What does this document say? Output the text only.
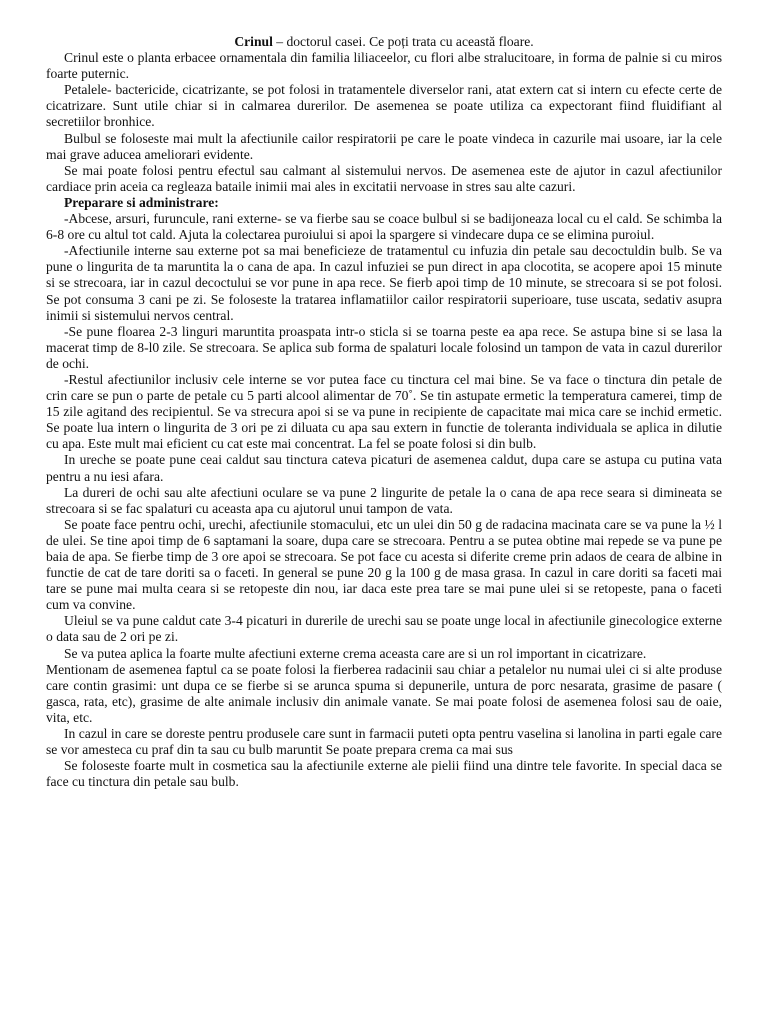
Crinul – doctorul casei. Ce poți trata cu această floare.

Crinul este o planta erbacee ornamentala din familia liliaceelor, cu flori albe stralucitoare, in forma de palnie si cu miros foarte puternic.

Petalele- bactericide, cicatrizante, se pot folosi in tratamentele diverselor rani, atat extern cat si intern cu efecte certe de cicatrizare. Sunt utile chiar si in calmarea durerilor. De asemenea se poate utiliza ca expectorant fiind fluidifiant al secretiilor bronhice.

Bulbul se foloseste mai mult la afectiunile cailor respiratorii pe care le poate vindeca in cazurile mai usoare, iar la cele mai grave aducea ameliorari evidente.

Se mai poate folosi pentru efectul sau calmant al sistemului nervos. De asemenea este de ajutor in cazul afectiunilor cardiace prin aceia ca regleaza bataile inimii mai ales in excitatii nervoase in stres sau alte cazuri.

Preparare si administrare:

-Abcese, arsuri, furuncule, rani externe- se va fierbe sau se coace bulbul si se badijoneaza local cu el cald. Se schimba la 6-8 ore cu altul tot cald. Ajuta la colectarea puroiului si apoi la spargere si vindecare dupa ce se elimina puroiul.

-Afectiunile interne sau externe pot sa mai beneficieze de tratamentul cu infuzia din petale sau decoctuldin bulb. Se va pune o lingurita de ta maruntita la o cana de apa. In cazul infuziei se pun direct in apa clocotita, se acopere apoi 15 minute si se strecoara, iar in cazul decoctului se vor pune in apa rece. Se fierb apoi timp de 10 minute, se strecoara si se pot folosi. Se pot consuma 3 cani pe zi. Se foloseste la tratarea inflamatiilor cailor respiratorii superioare, tuse uscata, sedativ asupra inimii si sistemului nervos central.

-Se pune floarea 2-3 linguri maruntita proaspata intr-o sticla si se toarna peste ea apa rece. Se astupa bine si se lasa la macerat timp de 8-l0 zile. Se strecoara. Se aplica sub forma de spalaturi locale folosind un tampon de vata in cazul durerilor de ochi.

-Restul afectiunilor inclusiv cele interne se vor putea face cu tinctura cel mai bine. Se va face o tinctura din petale de crin care se pun o parte de petale cu 5 parti alcool alimentar de 70˚. Se tin astupate ermetic la temperatura camerei, timp de 15 zile agitand des recipientul. Se va strecura apoi si se va pune in recipiente de capacitate mai mica care se inchid ermetic. Se poate lua intern o lingurita de 3 ori pe zi diluata cu apa sau extern in functie de toleranta individuala se aplica in dilutie cu apa. Este mult mai eficient cu cat este mai concentrat. La fel se poate folosi si din bulb.

In ureche se poate pune ceai caldut sau tinctura cateva picaturi de asemenea caldut, dupa care se astupa cu putina vata pentru a nu iesi afara.

La dureri de ochi sau alte afectiuni oculare se va pune 2 lingurite de petale la o cana de apa rece seara si dimineata se strecoara si se fac spalaturi cu aceasta apa cu ajutorul unui tampon de vata.

Se poate face pentru ochi, urechi, afectiunile stomacului, etc un ulei din 50 g de radacina macinata care se va pune la ½ l de ulei. Se tine apoi timp de 6 saptamani la soare, dupa care se strecoara. Pentru a se putea obtine mai repede se va pune pe baia de apa. Se fierbe timp de 3 ore apoi se strecoara. Se pot face cu acesta si diferite creme prin adaos de ceara de albine in functie de cat de tare doriti sa o faceti. In general se pune 20 g la 100 g de masa grasa. In cazul in care doriti sa faceti mai tare se pune mai multa ceara si se retopeste din nou, iar daca este prea tare se mai pune ulei si se retopeste, pana o faceti cum va convine.

Uleiul se va pune caldut cate 3-4 picaturi in durerile de urechi sau se poate unge local in afectiunile ginecologice externe o data sau de 2 ori pe zi.

Se va putea aplica la foarte multe afectiuni externe crema aceasta care are si un rol important in cicatrizare.

Mentionam de asemenea faptul ca se poate folosi la fierberea radacinii sau chiar a petalelor nu numai ulei ci si alte produse care contin grasimi: unt dupa ce se fierbe si se arunca spuma si depunerile, untura de porc nesarata, grasime de pasare ( gasca, rata, etc), grasime de alte animale inclusiv din animale vanate. Se mai poate folosi de asemenea folosi sau de oaie, vita, etc.

In cazul in care se doreste pentru produsele care sunt in farmacii puteti opta pentru vaselina si lanolina in parti egale care se vor amesteca cu praf din ta sau cu bulb maruntit Se poate prepara crema ca mai sus

Se foloseste foarte mult in cosmetica sau la afectiunile externe ale pielii fiind una dintre tele favorite. In special daca se face cu tinctura din petale sau bulb.
